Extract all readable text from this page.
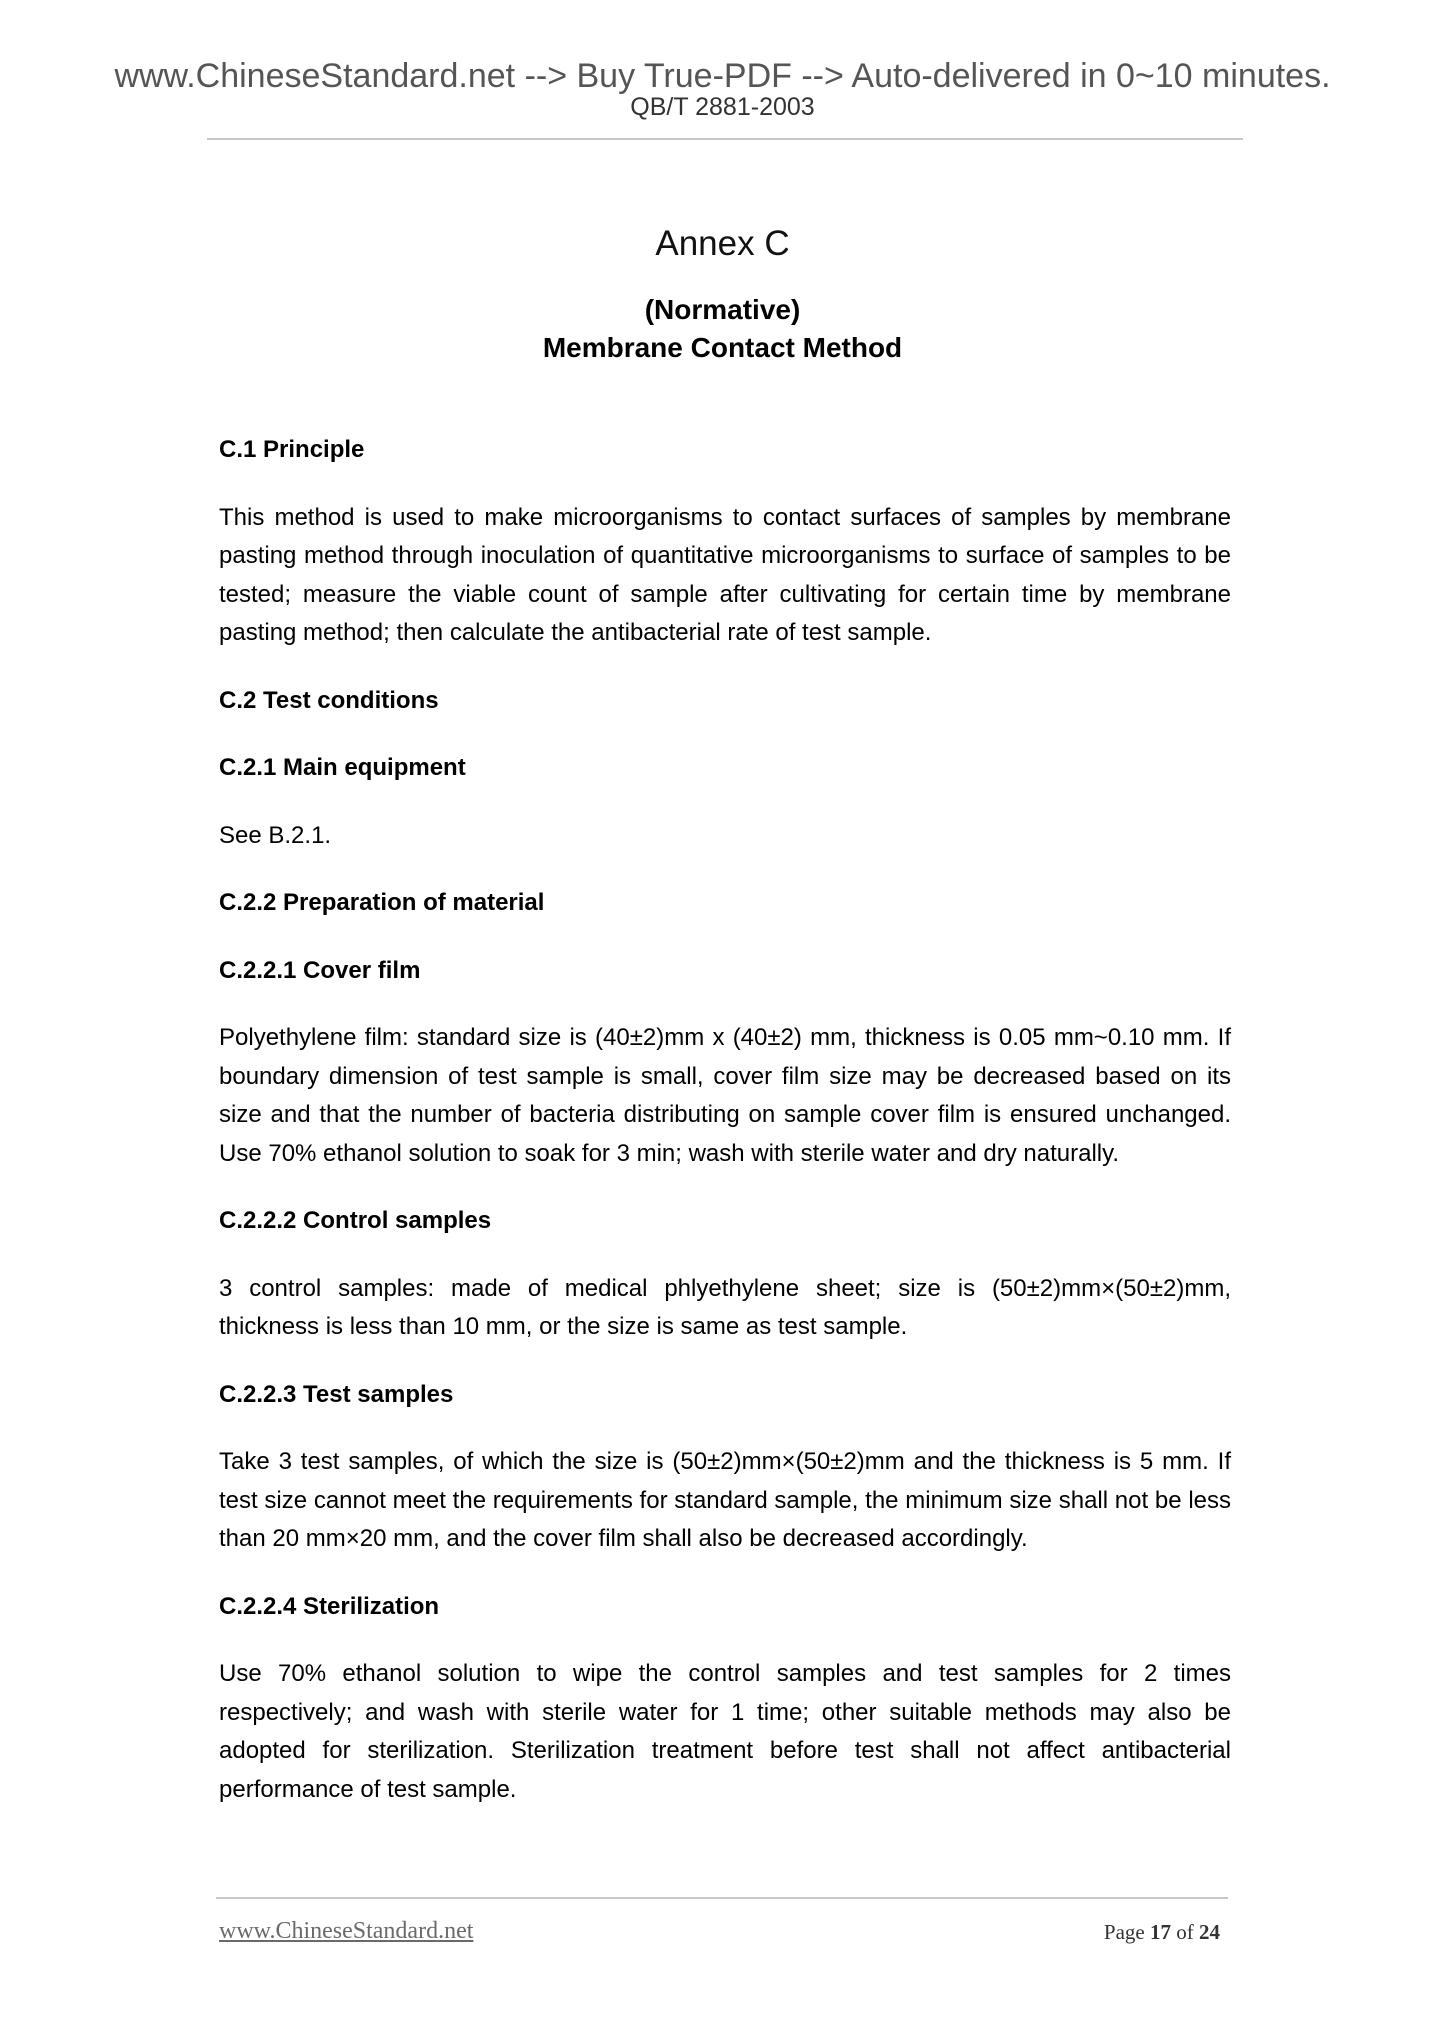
www.ChineseStandard.net --> Buy True-PDF --> Auto-delivered in 0~10 minutes.
QB/T 2881-2003
Annex C
(Normative)
Membrane Contact Method
C.1 Principle

This method is used to make microorganisms to contact surfaces of samples by membrane pasting method through inoculation of quantitative microorganisms to surface of samples to be tested; measure the viable count of sample after cultivating for certain time by membrane pasting method; then calculate the antibacterial rate of test sample.

C.2 Test conditions
C.2.1 Main equipment

See B.2.1.

C.2.2 Preparation of material
C.2.2.1 Cover film

Polyethylene film: standard size is (40±2)mm x (40±2) mm, thickness is 0.05 mm~0.10 mm. If boundary dimension of test sample is small, cover film size may be decreased based on its size and that the number of bacteria distributing on sample cover film is ensured unchanged. Use 70% ethanol solution to soak for 3 min; wash with sterile water and dry naturally.

C.2.2.2 Control samples

3 control samples: made of medical phlyethylene sheet; size is (50±2)mm×(50±2)mm, thickness is less than 10 mm, or the size is same as test sample.

C.2.2.3 Test samples

Take 3 test samples, of which the size is (50±2)mm×(50±2)mm and the thickness is 5 mm. If test size cannot meet the requirements for standard sample, the minimum size shall not be less than 20 mm×20 mm, and the cover film shall also be decreased accordingly.

C.2.2.4 Sterilization

Use 70% ethanol solution to wipe the control samples and test samples for 2 times respectively; and wash with sterile water for 1 time; other suitable methods may also be adopted for sterilization. Sterilization treatment before test shall not affect antibacterial performance of test sample.

www.ChineseStandard.net	Page 17 of 24
